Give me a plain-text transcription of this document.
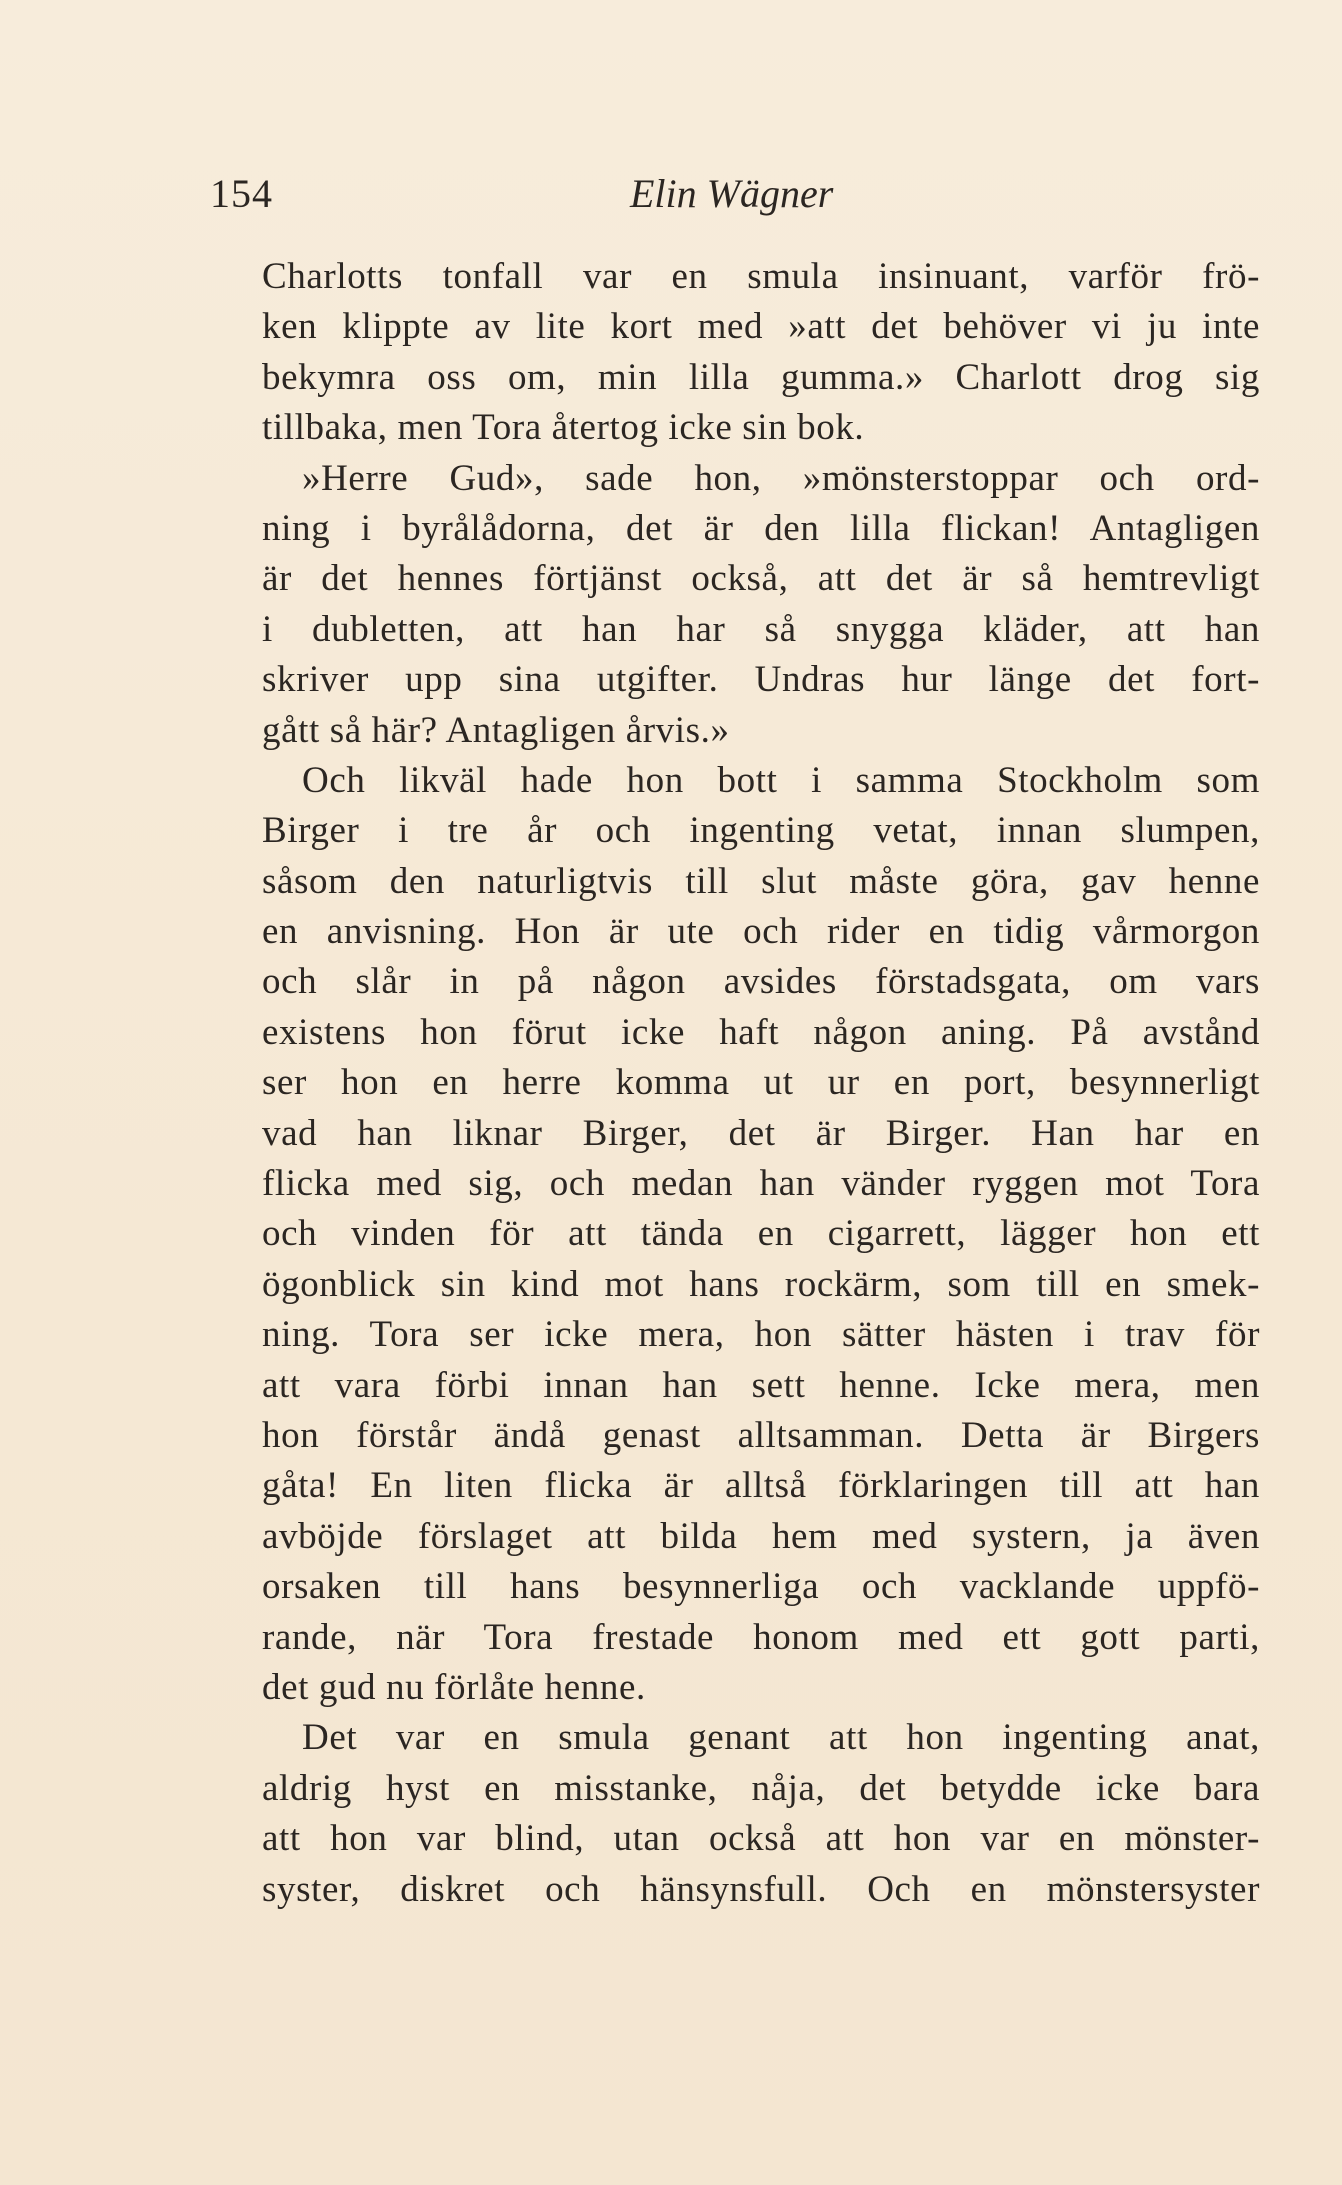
154	Elin Wägner
Charlotts tonfall var en smula insinuant, varför frö-
ken klippte av lite kort med »att det behöver vi ju inte
bekymra oss om, min lilla gumma.» Charlott drog sig
tillbaka, men Tora återtog icke sin bok.
»Herre Gud», sade hon, »mönsterstoppar och ord-
ning i byrålådorna, det är den lilla flickan! Antagligen
är det hennes förtjänst också, att det är så hemtrevligt
i dubletten, att han har så snygga kläder, att han
skriver upp sina utgifter. Undras hur länge det fort-
gått så här? Antagligen årvis.»
Och likväl hade hon bott i samma Stockholm som
Birger i tre år och ingenting vetat, innan slumpen,
såsom den naturligtvis till slut måste göra, gav henne
en anvisning. Hon är ute och rider en tidig vårmorgon
och slår in på någon avsides förstadsgata, om vars
existens hon förut icke haft någon aning. På avstånd
ser hon en herre komma ut ur en port, besynnerligt
vad han liknar Birger, det är Birger. Han har en
flicka med sig, och medan han vänder ryggen mot Tora
och vinden för att tända en cigarrett, lägger hon ett
ögonblick sin kind mot hans rockärm, som till en smek-
ning. Tora ser icke mera, hon sätter hästen i trav för
att vara förbi innan han sett henne. Icke mera, men
hon förstår ändå genast alltsamman. Detta är Birgers
gåta! En liten flicka är alltså förklaringen till att han
avböjde förslaget att bilda hem med systern, ja även
orsaken till hans besynnerliga och vacklande uppfö-
rande, när Tora frestade honom med ett gott parti,
det gud nu förlåte henne.
Det var en smula genant att hon ingenting anat,
aldrig hyst en misstanke, nåja, det betydde icke bara
att hon var blind, utan också att hon var en mönster-
syster, diskret och hänsynsfull. Och en mönstersyster
